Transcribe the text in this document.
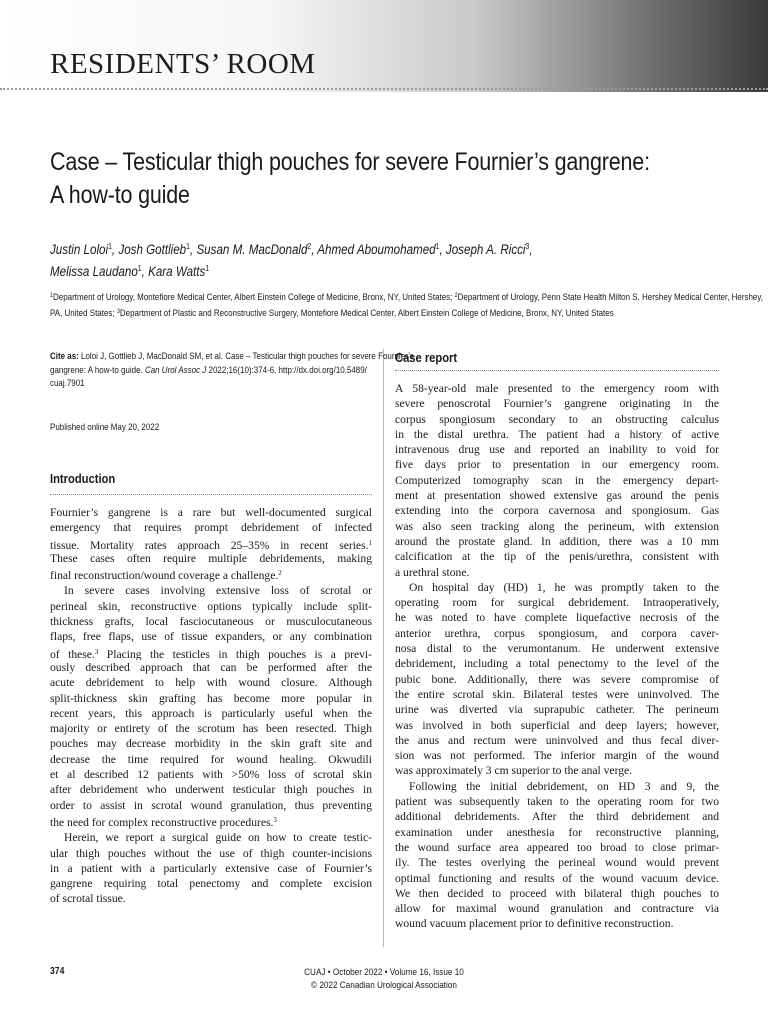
RESIDENTS’ ROOM
Case – Testicular thigh pouches for severe Fournier’s gangrene:
A how-to guide
Justin Loloi$^1$, Josh Gottlieb$^1$, Susan M. MacDonald$^2$, Ahmed Aboumohamed$^1$, Joseph A. Ricci$^3$,
Melissa Laudano$^1$, Kara Watts$^1$
$^1$Department of Urology, Montefiore Medical Center, Albert Einstein College of Medicine, Bronx, NY, United States; $^2$Department of Urology, Penn State Health Milton S. Hershey Medical Center, Hershey,
PA, United States; $^3$Department of Plastic and Reconstructive Surgery, Montefiore Medical Center, Albert Einstein College of Medicine, Bronx, NY, United States
Cite as: Loloi J, Gottlieb J, MacDonald SM, et al. Case – Testicular thigh pouches for severe Fournier’s
gangrene: A how-to guide. Can Urol Assoc J 2022;16(10):374-6. http://dx.doi.org/10.5489/
cuaj.7901
Published online May 20, 2022
Introduction
Fournier’s gangrene is a rare but well-documented surgical
emergency that requires prompt debridement of infected
tissue. Mortality rates approach 25–35% in recent series.$^1$
These cases often require multiple debridements, making
final reconstruction/wound coverage a challenge.$^2$
In severe cases involving extensive loss of scrotal or
perineal skin, reconstructive options typically include split-
thickness grafts, local fasciocutaneous or musculocutaneous
flaps, free flaps, use of tissue expanders, or any combination
of these.$^3$ Placing the testicles in thigh pouches is a previ-
ously described approach that can be performed after the
acute debridement to help with wound closure. Although
split-thickness skin grafting has become more popular in
recent years, this approach is particularly useful when the
majority or entirety of the scrotum has been resected. Thigh
pouches may decrease morbidity in the skin graft site and
decrease the time required for wound healing. Okwudili
et al described 12 patients with >50% loss of scrotal skin
after debridement who underwent testicular thigh pouches in
order to assist in scrotal wound granulation, thus preventing
the need for complex reconstructive procedures.$^3$
Herein, we report a surgical guide on how to create testic-
ular thigh pouches without the use of thigh counter-incisions
in a patient with a particularly extensive case of Fournier’s
gangrene requiring total penectomy and complete excision
of scrotal tissue.
Case report
A 58-year-old male presented to the emergency room with
severe penoscrotal Fournier’s gangrene originating in the
corpus spongiosum secondary to an obstructing calculus
in the distal urethra. The patient had a history of active
intravenous drug use and reported an inability to void for
five days prior to presentation in our emergency room.
Computerized tomography scan in the emergency depart-
ment at presentation showed extensive gas around the penis
extending into the corpora cavernosa and spongiosum. Gas
was also seen tracking along the perineum, with extension
around the prostate gland. In addition, there was a 10 mm
calcification at the tip of the penis/urethra, consistent with
a urethral stone.
On hospital day (HD) 1, he was promptly taken to the
operating room for surgical debridement. Intraoperatively,
he was noted to have complete liquefactive necrosis of the
anterior urethra, corpus spongiosum, and corpora caver-
nosa distal to the verumontanum. He underwent extensive
debridement, including a total penectomy to the level of the
pubic bone. Additionally, there was severe compromise of
the entire scrotal skin. Bilateral testes were uninvolved. The
urine was diverted via suprapubic catheter. The perineum
was involved in both superficial and deep layers; however,
the anus and rectum were uninvolved and thus fecal diver-
sion was not performed. The inferior margin of the wound
was approximately 3 cm superior to the anal verge.
Following the initial debridement, on HD 3 and 9, the
patient was subsequently taken to the operating room for two
additional debridements. After the third debridement and
examination under anesthesia for reconstructive planning,
the wound surface area appeared too broad to close primar-
ily. The testes overlying the perineal wound would prevent
optimal functioning and results of the wound vacuum device.
We then decided to proceed with bilateral thigh pouches to
allow for maximal wound granulation and contracture via
wound vacuum placement prior to definitive reconstruction.
374	CUAJ • October 2022 • Volume 16, Issue 10
© 2022 Canadian Urological Association
